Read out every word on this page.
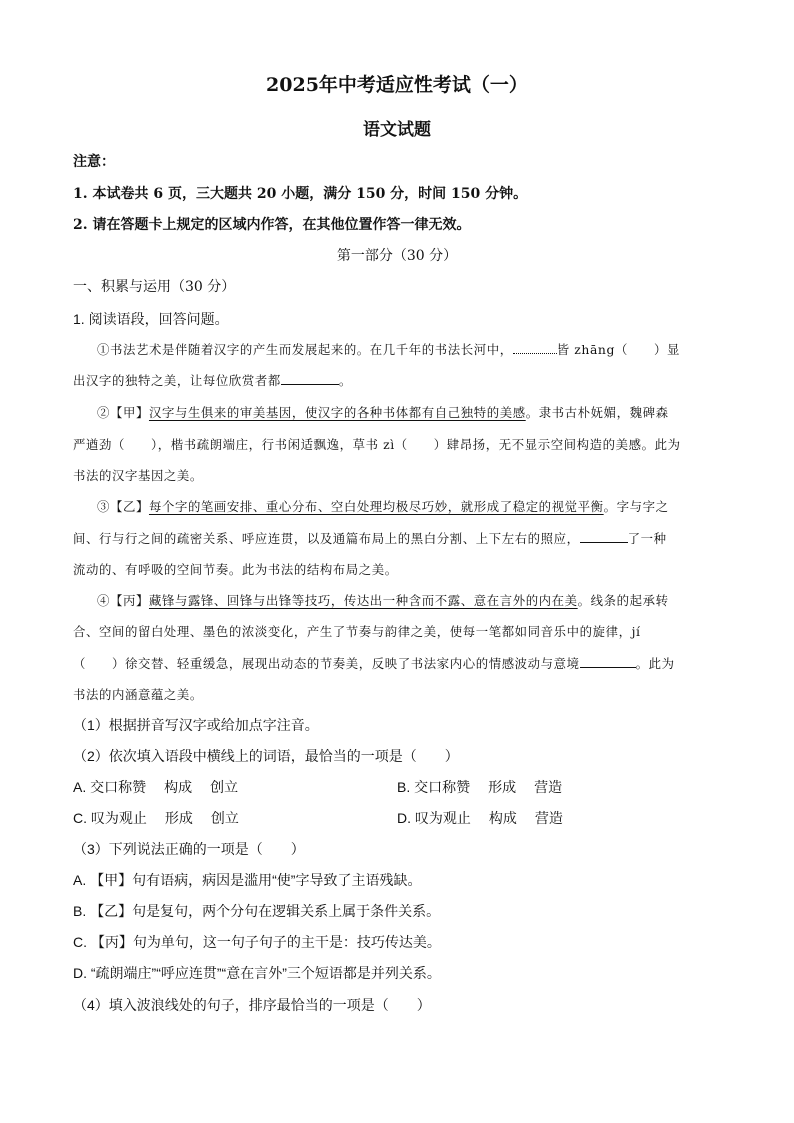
2025年中考适应性考试（一）
语文试题
注意：
1. 本试卷共 6 页，三大题共 20 小题，满分 150 分，时间 150 分钟。
2. 请在答题卡上规定的区域内作答，在其他位置作答一律无效。
第一部分（30 分）
一、积累与运用（30 分）
1. 阅读语段，回答问题。
①书法艺术是伴随着汉字的产生而发展起来的。在几千年的书法长河中，	皆 zhāng（　　）显
出汉字的独特之美，让每位欣赏者都	。
②【甲】汉字与生俱来的审美基因，使汉字的各种书体都有自己独特的美感。隶书古朴妩媚，魏碑森
严遒劲（　　），楷书疏朗端庄，行书闲适飘逸，草书 zì（　　）肆昂扬，无不显示空间构造的美感。此为
书法的汉字基因之美。
③【乙】每个字的笔画安排、重心分布、空白处理均极尽巧妙，就形成了稳定的视觉平衡。字与字之
间、行与行之间的疏密关系、呼应连贯，以及通篇布局上的黑白分割、上下左右的照应，	了一种
流动的、有呼吸的空间节奏。此为书法的结构布局之美。
④【丙】藏锋与露锋、回锋与出锋等技巧，传达出一种含而不露、意在言外的内在美。线条的起承转
合、空间的留白处理、墨色的浓淡变化，产生了节奏与韵律之美，使每一笔都如同音乐中的旋律，jí
（　　）徐交替、轻重缓急，展现出动态的节奏美，反映了书法家内心的情感波动与意境	。此为
书法的内涵意蕴之美。
（1）根据拼音写汉字或给加点字注音。
（2）依次填入语段中横线上的词语，最恰当的一项是（　　）
A. 交口称赞 构成 创立	B. 交口称赞 形成 营造
C. 叹为观止 形成 创立	D. 叹为观止 构成 营造
（3）下列说法正确的一项是（　　）
A. 【甲】句有语病，病因是滥用“使”字导致了主语残缺。
B. 【乙】句是复句，两个分句在逻辑关系上属于条件关系。
C. 【丙】句为单句，这一句子句子的主干是：技巧传达美。
D. “疏朗端庄”“呼应连贯”“意在言外”三个短语都是并列关系。
（4）填入波浪线处的句子，排序最恰当的一项是（　　）
